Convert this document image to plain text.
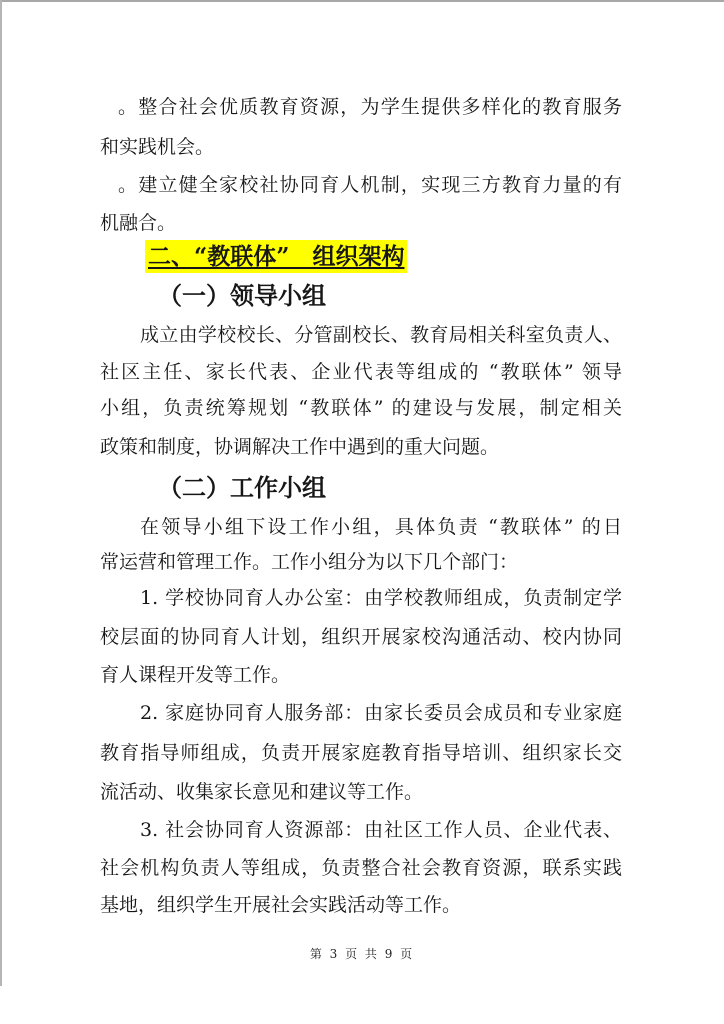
。整合社会优质教育资源，为学生提供多样化的教育服务
和实践机会。
。建立健全家校社协同育人机制，实现三方教育力量的有
机融合。
二、“教联体”　组织架构
（一）领导小组
成立由学校校长、分管副校长、教育局相关科室负责人、
社区主任、家长代表、企业代表等组成的 “教联体” 领导
小组，负责统筹规划 “教联体” 的建设与发展，制定相关
政策和制度，协调解决工作中遇到的重大问题。
（二）工作小组
在领导小组下设工作小组，具体负责 “教联体” 的日
常运营和管理工作。工作小组分为以下几个部门：
1. 学校协同育人办公室：由学校教师组成，负责制定学
校层面的协同育人计划，组织开展家校沟通活动、校内协同
育人课程开发等工作。
2. 家庭协同育人服务部：由家长委员会成员和专业家庭
教育指导师组成，负责开展家庭教育指导培训、组织家长交
流活动、收集家长意见和建议等工作。
3. 社会协同育人资源部：由社区工作人员、企业代表、
社会机构负责人等组成，负责整合社会教育资源，联系实践
基地，组织学生开展社会实践活动等工作。
第 3 页 共 9 页
